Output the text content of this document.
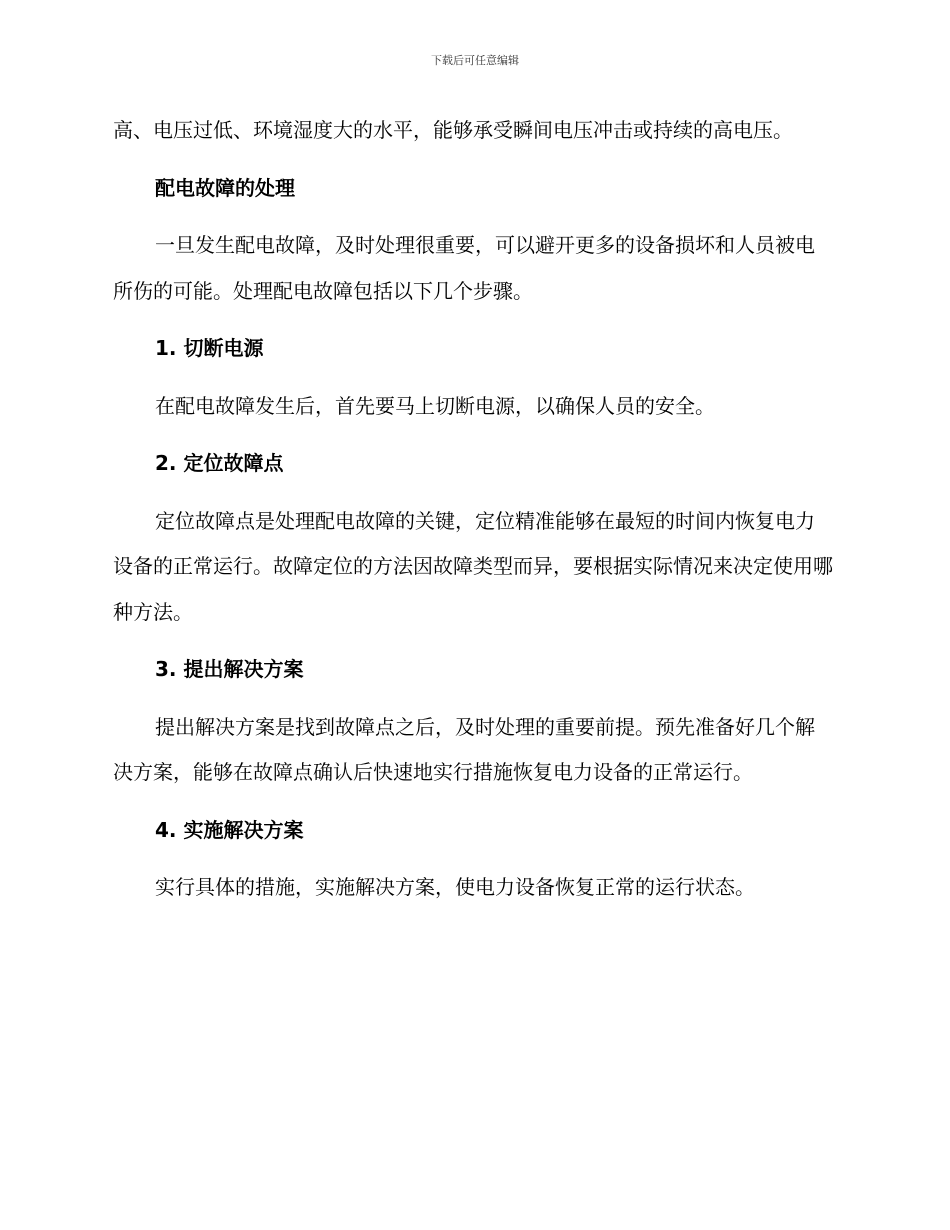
下载后可任意编辑

高、电压过低、环境湿度大的水平，能够承受瞬间电压冲击或持续的高电压。

配电故障的处理

一旦发生配电故障，及时处理很重要，可以避开更多的设备损坏和人员被电所伤的可能。处理配电故障包括以下几个步骤。

1. 切断电源

在配电故障发生后，首先要马上切断电源，以确保人员的安全。

2. 定位故障点

定位故障点是处理配电故障的关键，定位精准能够在最短的时间内恢复电力设备的正常运行。故障定位的方法因故障类型而异，要根据实际情况来决定使用哪种方法。

3. 提出解决方案

提出解决方案是找到故障点之后，及时处理的重要前提。预先准备好几个解决方案，能够在故障点确认后快速地实行措施恢复电力设备的正常运行。

4. 实施解决方案

实行具体的措施，实施解决方案，使电力设备恢复正常的运行状态。
